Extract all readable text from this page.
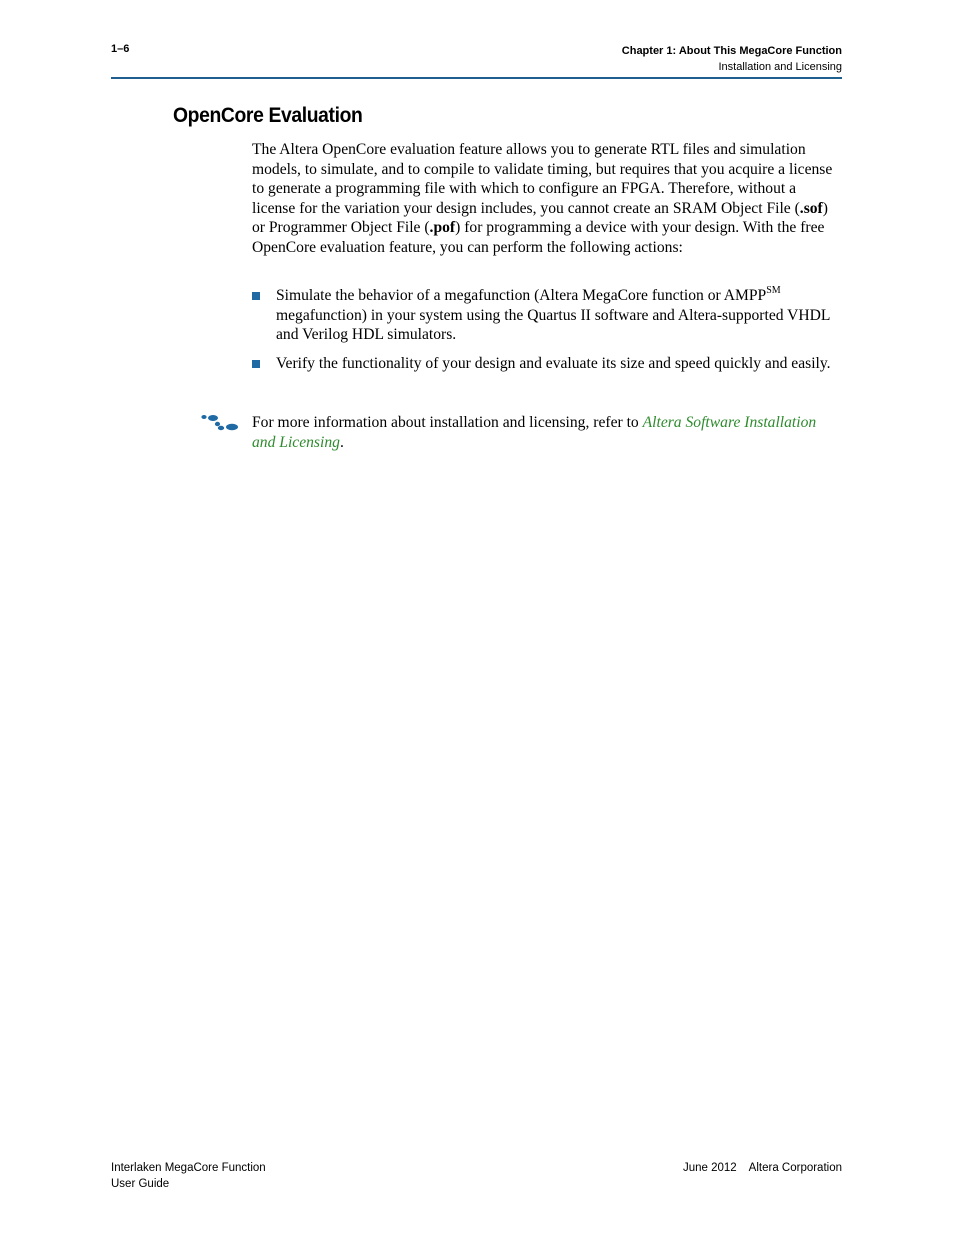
1–6	Chapter 1: About This MegaCore Function
Installation and Licensing
OpenCore Evaluation

The Altera OpenCore evaluation feature allows you to generate RTL files and simulation models, to simulate, and to compile to validate timing, but requires that you acquire a license to generate a programming file with which to configure an FPGA. Therefore, without a license for the variation your design includes, you cannot create an SRAM Object File (.sof) or Programmer Object File (.pof) for programming a device with your design. With the free OpenCore evaluation feature, you can perform the following actions:

Simulate the behavior of a megafunction (Altera MegaCore function or AMPP℠ megafunction) in your system using the Quartus II software and Altera-supported VHDL and Verilog HDL simulators.
Verify the functionality of your design and evaluate its size and speed quickly and easily.
For more information about installation and licensing, refer to Altera Software Installation and Licensing.
Interlaken MegaCore Function
User Guide
June 2012 Altera Corporation
